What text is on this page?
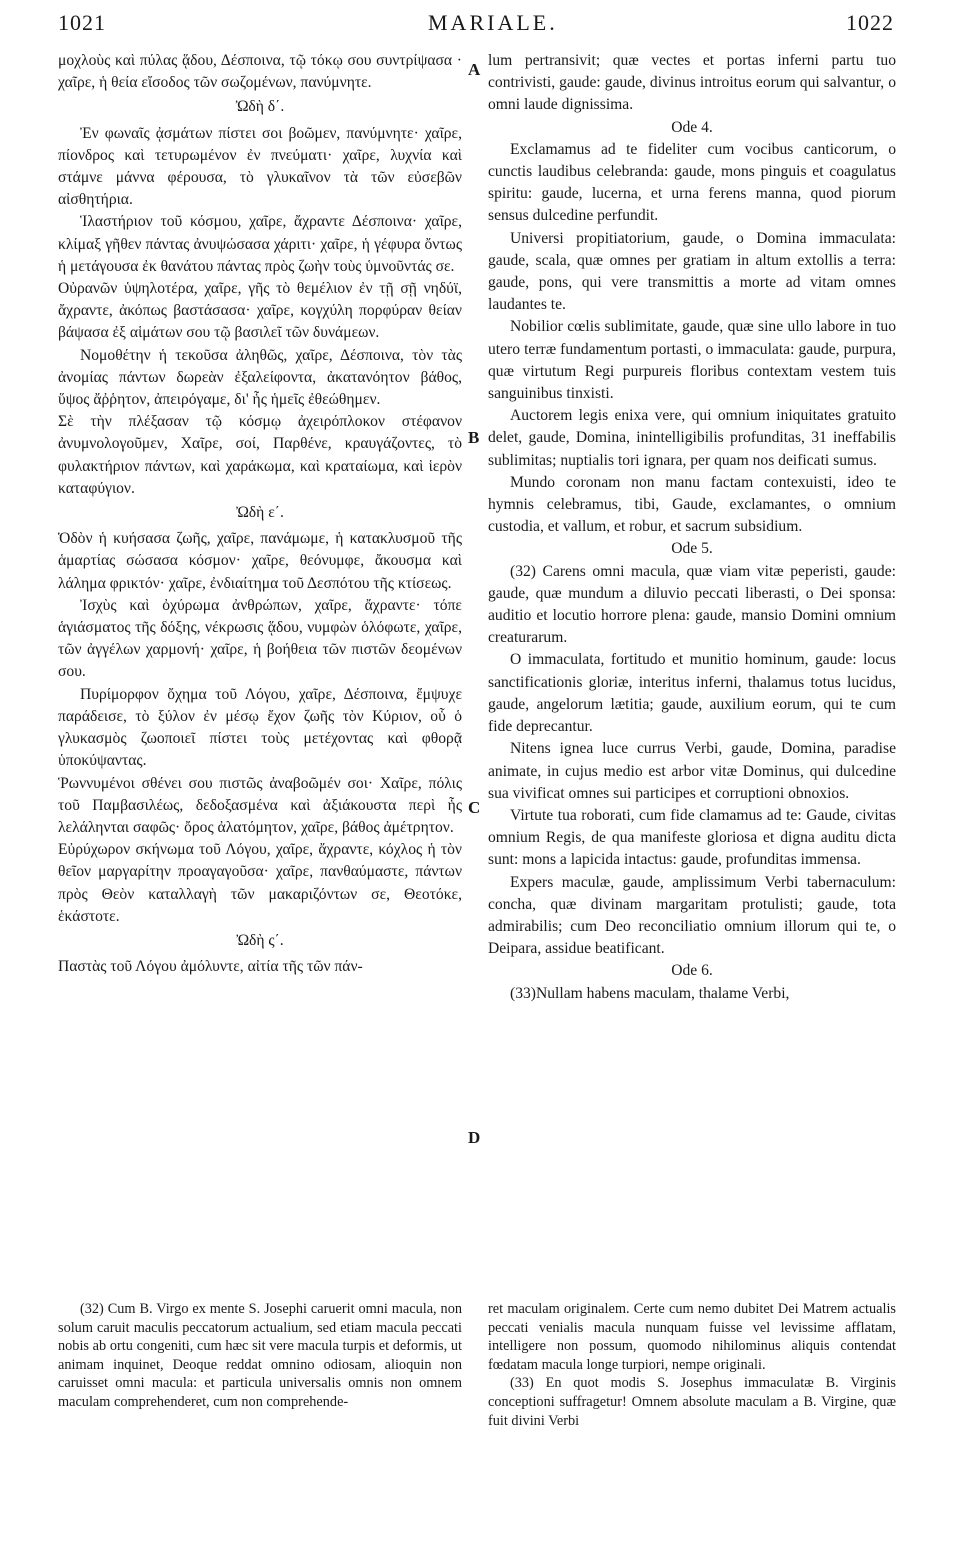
1021	MARIALE.	1022
A
B
C
D

μοχλοὺς καὶ πύλας ᾅδου, Δέσποινα, τῷ τόκῳ σου συντρίψασα · χαῖρε, ἡ θεία εἴσοδος τῶν σωζομένων, πανύμνητε.

Ὠδὴ δ΄.

Ἐν φωναῖς ᾀσμάτων πίστει σοι βοῶμεν, πανύμνητε· χαῖρε, πίονδρος καὶ τετυρωμένον ἐν πνεύματι· χαῖρε, λυχνία καὶ στάμνε μάννα φέρουσα, τὸ γλυκαῖνον τὰ τῶν εὐσεβῶν αἰσθητήρια.

Ἱλαστήριον τοῦ κόσμου, χαῖρε, ἄχραντε Δέσποινα· χαῖρε, κλίμαξ γῆθεν πάντας ἀνυψώσασα χάριτι· χαῖρε, ἡ γέφυρα ὄντως ἡ μετάγουσα ἐκ θανάτου πάντας πρὸς ζωὴν τοὺς ὑμνοῦντάς σε.

Οὐρανῶν ὑψηλοτέρα, χαῖρε, γῆς τὸ θεμέλιον ἐν τῇ σῇ νηδύϊ, ἄχραντε, ἀκόπως βαστάσασα· χαῖρε, κογχύλη πορφύραν θείαν βάψασα ἐξ αἱμάτων σου τῷ βασιλεῖ τῶν δυνάμεων.

Νομοθέτην ἡ τεκοῦσα ἀληθῶς, χαῖρε, Δέσποινα, τὸν τὰς ἀνομίας πάντων δωρεὰν ἐξαλείφοντα, ἀκατανόητον βάθος, ὕψος ἄῤῥητον, ἀπειρόγαμε, δι' ἧς ἡμεῖς ἐθεώθημεν.

Σὲ τὴν πλέξασαν τῷ κόσμῳ ἀχειρόπλοκον στέφανον ἀνυμνολογοῦμεν, Χαῖρε, σοί, Παρθένε, κραυγάζοντες, τὸ φυλακτήριον πάντων, καὶ χαράκωμα, καὶ κραταίωμα, καὶ ἱερὸν καταφύγιον.

Ὠδὴ ε΄.

Ὁδὸν ἡ κυήσασα ζωῆς, χαῖρε, πανάμωμε, ἡ κατακλυσμοῦ τῆς ἁμαρτίας σώσασα κόσμον· χαῖρε, θεόνυμφε, ἄκουσμα καὶ λάλημα φρικτόν· χαῖρε, ἐνδιαίτημα τοῦ Δεσπότου τῆς κτίσεως.

Ἰσχὺς καὶ ὀχύρωμα ἀνθρώπων, χαῖρε, ἄχραντε· τόπε ἁγιάσματος τῆς δόξης, νέκρωσις ᾅδου, νυμφὼν ὁλόφωτε, χαῖρε, τῶν ἀγγέλων χαρμονή· χαῖρε, ἡ βοήθεια τῶν πιστῶν δεομένων σου.

Πυρίμορφον ὄχημα τοῦ Λόγου, χαῖρε, Δέσποινα, ἔμψυχε παράδεισε, τὸ ξύλον ἐν μέσῳ ἔχον ζωῆς τὸν Κύριον, οὗ ὁ γλυκασμὸς ζωοποιεῖ πίστει τοὺς μετέχοντας καὶ φθορᾷ ὑποκύψαντας.

Ῥωννυμένοι σθένει σου πιστῶς ἀναβοῶμέν σοι· Χαῖρε, πόλις τοῦ Παμβασιλέως, δεδοξασμένα καὶ ἀξιάκουστα περὶ ἧς λελάληνται σαφῶς· ὄρος ἀλατόμητον, χαῖρε, βάθος ἀμέτρητον.

Εὐρύχωρον σκήνωμα τοῦ Λόγου, χαῖρε, ἄχραντε, κόχλος ἡ τὸν θεῖον μαργαρίτην προαγαγοῦσα· χαῖρε, πανθαύμαστε, πάντων πρὸς Θεὸν καταλλαγὴ τῶν μακαριζόντων σε, Θεοτόκε, ἑκάστοτε.

Ὠδὴ ς΄.

Παστὰς τοῦ Λόγου ἀμόλυντε, αἰτία τῆς τῶν πάν-

lum pertransivit; quæ vectes et portas inferni partu tuo contrivisti, gaude: gaude, divinus introitus eorum qui salvantur, o omni laude dignissima.

Ode 4.

Exclamamus ad te fideliter cum vocibus canticorum, o cunctis laudibus celebranda: gaude, mons pinguis et coagulatus spiritu: gaude, lucerna, et urna ferens manna, quod piorum sensus dulcedine perfundit.

Universi propitiatorium, gaude, o Domina immaculata: gaude, scala, quæ omnes per gratiam in altum extollis a terra: gaude, pons, qui vere transmittis a morte ad vitam omnes laudantes te.

Nobilior cœlis sublimitate, gaude, quæ sine ullo labore in tuo utero terræ fundamentum portasti, o immaculata: gaude, purpura, quæ virtutum Regi purpureis floribus contextam vestem tuis sanguinibus tinxisti.

Auctorem legis enixa vere, qui omnium iniquitates gratuito delet, gaude, Domina, inintelligibilis profunditas, 31 ineffabilis sublimitas; nuptialis tori ignara, per quam nos deificati sumus.

Mundo coronam non manu factam contexuisti, ideo te hymnis celebramus, tibi, Gaude, exclamantes, o omnium custodia, et vallum, et robur, et sacrum subsidium.

Ode 5.

(32) Carens omni macula, quæ viam vitæ peperisti, gaude: gaude, quæ mundum a diluvio peccati liberasti, o Dei sponsa: auditio et locutio horrore plena: gaude, mansio Domini omnium creaturarum.

O immaculata, fortitudo et munitio hominum, gaude: locus sanctificationis gloriæ, interitus inferni, thalamus totus lucidus, gaude, angelorum lætitia; gaude, auxilium eorum, qui te cum fide deprecantur.

Nitens ignea luce currus Verbi, gaude, Domina, paradise animate, in cujus medio est arbor vitæ Dominus, qui dulcedine sua vivificat omnes sui participes et corruptioni obnoxios.

Virtute tua roborati, cum fide clamamus ad te: Gaude, civitas omnium Regis, de qua manifeste gloriosa et digna auditu dicta sunt: mons a lapicida intactus: gaude, profunditas immensa.

Expers maculæ, gaude, amplissimum Verbi tabernaculum: concha, quæ divinam margaritam protulisti; gaude, tota admirabilis; cum Deo reconciliatio omnium illorum qui te, o Deipara, assidue beatificant.

Ode 6.

(33)Nullam habens maculam, thalame Verbi,

(32) Cum B. Virgo ex mente S. Josephi caruerit omni macula, non solum caruit maculis peccatorum actualium, sed etiam macula peccati nobis ab ortu congeniti, cum hæc sit vere macula turpis et deformis, ut animam inquinet, Deoque reddat omnino odiosam, alioquin non caruisset omni macula: et particula universalis omnis non omnem maculam comprehenderet, cum non comprehende-

ret maculam originalem. Certe cum nemo dubitet Dei Matrem actualis peccati venialis macula nunquam fuisse vel levissime afflatam, intelligere non possum, quomodo nihilominus aliquis contendat fœdatam macula longe turpiori, nempe originali.

(33) En quot modis S. Josephus immaculatæ B. Virginis conceptioni suffragetur! Omnem absolute maculam a B. Virgine, quæ fuit divini Verbi
